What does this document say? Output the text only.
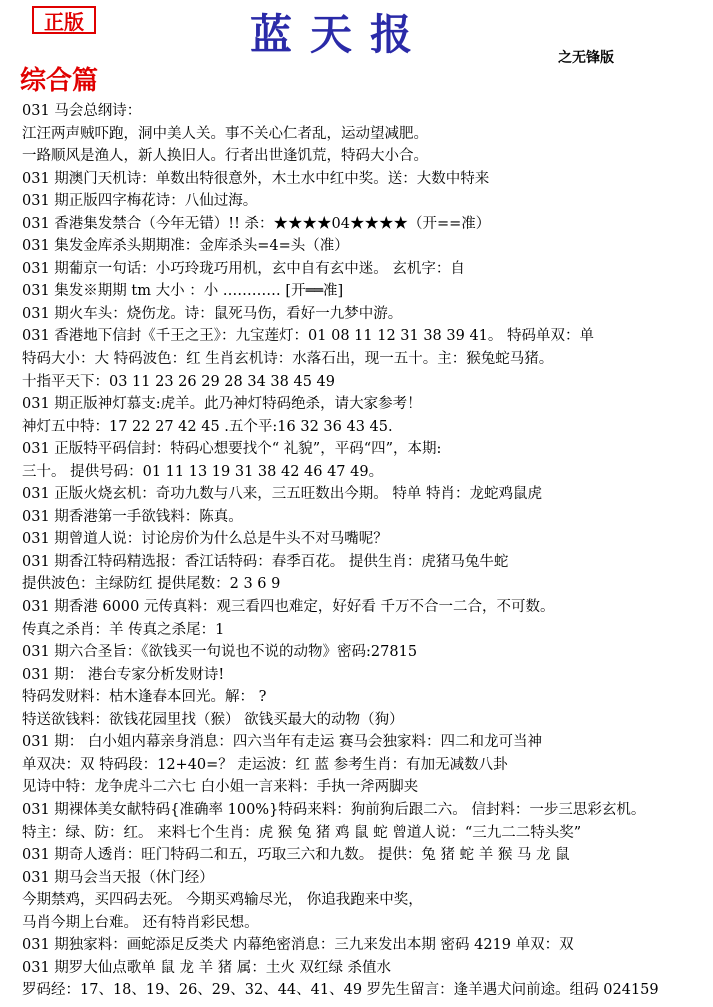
正版	蓝天报	之无锋版
综合篇
031 马会总纲诗：
江汪两声贼吓跑，洞中美人关。事不关心仁者乱，运动望减肥。
一路顺风是渔人，新人换旧人。行者出世逢饥荒，特码大小合。
031 期澳门天机诗：单数出特很意外，木土水中红中奖。送：大数中特来
031 期正版四字梅花诗：八仙过海。
031 香港集发禁合（今年无错）!! 杀：★★★★04★★★★（开==准）
031 集发金库杀头期期准：金库杀头=4=头（准）
031 期葡京一句话：小巧玲珑巧用机，玄中自有玄中迷。 玄机字：自
031 集发※期期 tm 大小 ：小 ………… [开══准]
031 期火车头：烧伤龙。诗：鼠死马伤，看好一九梦中游。
031 香港地下信封《千王之王》：九宝莲灯：01 08 11 12 31 38 39 41。 特码单双：单
特码大小：大 特码波色：红 生肖玄机诗：水落石出，现一五十。主：猴兔蛇马猪。
十指平天下：03 11 23 26 29 28 34 38 45 49
031 期正版神灯慕支:虎羊。此乃神灯特码绝杀，请大家参考！
神灯五中特：17 22 27 42 45 .五个平:16 32 36 43 45.
031 正版特平码信封：特码心想要找个“ 礼貌”，平码“四”，本期:
三十。 提供号码：01 11 13 19 31 38 42 46 47 49。
031 正版火烧玄机：奇功九数与八来，三五旺数出今期。 特单 特肖：龙蛇鸡鼠虎
031 期香港第一手欲钱料：陈真。
031 期曾道人说：讨论房价为什么总是牛头不对马嘴呢？
031 期香江特码精选报：香江话特码：春季百花。 提供生肖：虎猪马兔牛蛇
提供波色：主绿防红 提供尾数：2 3 6 9
031 期香港 6000 元传真料：观三看四也难定，好好看 千万不合一二合，不可数。
传真之杀肖：羊 传真之杀尾：1
031 期六合圣旨：《欲钱买一句说也不说的动物》密码:27815
031 期： 港台专家分析发财诗!
特码发财料：枯木逢春本回光。解： ?
特送欲钱料：欲钱花园里找（猴） 欲钱买最大的动物（狗）
031 期： 白小姐内幕亲身消息：四六当年有走运 赛马会独家料：四二和龙可当神
单双决：双 特码段：12+40=？ 走运波：红 蓝 参考生肖：有加无减数八卦
见诗中特：龙争虎斗二六七 白小姐一言来料：手执一斧两脚夹
031 期裸体美女献特码{准确率 100%}特码来料：狗前狗后跟二六。 信封料：一步三思彩玄机。
特主：绿、防：红。 来料七个生肖：虎 猴 兔 猪 鸡 鼠 蛇 曾道人说：“三九二二特头奖”
031 期奇人透肖：旺门特码二和五，巧取三六和九数。 提供：兔 猪 蛇 羊 猴 马 龙 鼠
031 期马会当天报（休门经）
今期禁鸡，买四码去死。 今期买鸡输尽光， 你追我跑来中奖，
马肖今期上台难。 还有特肖彩民想。
031 期独家料：画蛇添足反类犬 内幕绝密消息：三九来发出本期 密码 4219 单双：双
031 期罗大仙点歌单 鼠 龙 羊 猪 属：土火 双红绿 杀值水
罗码经：17、18、19、26、29、32、44、41、49 罗先生留言：逢羊遇犬问前途。组码 024159
